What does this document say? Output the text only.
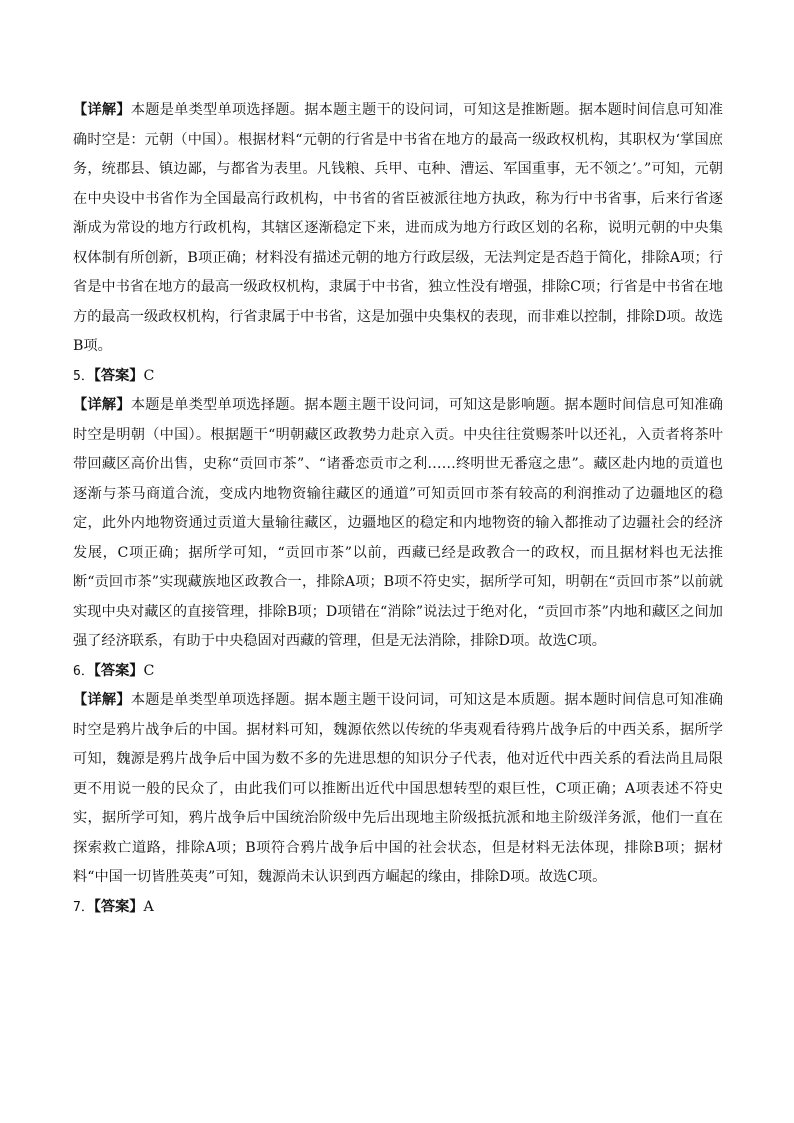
【详解】本题是单类型单项选择题。据本题主题干的设问词，可知这是推断题。据本题时间信息可知准确时空是：元朝（中国）。根据材料“元朝的行省是中书省在地方的最高一级政权机构，其职权为‘掌国庶务，统郡县、镇边鄙，与都省为表里。凡钱粮、兵甲、屯种、漕运、军国重事，无不领之’。”可知，元朝在中央设中书省作为全国最高行政机构，中书省的省臣被派往地方执政，称为行中书省事，后来行省逐渐成为常设的地方行政机构，其辖区逐渐稳定下来，进而成为地方行政区划的名称，说明元朝的中央集权体制有所创新，B项正确；材料没有描述元朝的地方行政层级，无法判定是否趋于简化，排除A项；行省是中书省在地方的最高一级政权机构，隶属于中书省，独立性没有增强，排除C项；行省是中书省在地方的最高一级政权机构，行省隶属于中书省，这是加强中央集权的表现，而非难以控制，排除D项。故选B项。

5．【答案】C

【详解】本题是单类型单项选择题。据本题主题干设问词，可知这是影响题。据本题时间信息可知准确时空是明朝（中国）。根据题干“明朝藏区政教势力赴京入贡。中央往往赏赐茶叶以还礼，入贡者将茶叶带回藏区高价出售，史称“贡回市茶”、“诸番恋贡市之利……终明世无番寇之患”。藏区赴内地的贡道也逐渐与茶马商道合流，变成内地物资输往藏区的通道”可知贡回市茶有较高的利润推动了边疆地区的稳定，此外内地物资通过贡道大量输往藏区，边疆地区的稳定和内地物资的输入都推动了边疆社会的经济发展，C项正确；据所学可知，“贡回市茶”以前，西藏已经是政教合一的政权，而且据材料也无法推断“贡回市茶”实现藏族地区政教合一，排除A项；B项不符史实，据所学可知，明朝在“贡回市茶”以前就实现中央对藏区的直接管理，排除B项；D项错在“消除”说法过于绝对化，“贡回市茶”内地和藏区之间加强了经济联系，有助于中央稳固对西藏的管理，但是无法消除，排除D项。故选C项。

6．【答案】C

【详解】本题是单类型单项选择题。据本题主题干设问词，可知这是本质题。据本题时间信息可知准确时空是鸦片战争后的中国。据材料可知，魏源依然以传统的华夷观看待鸦片战争后的中西关系，据所学可知，魏源是鸦片战争后中国为数不多的先进思想的知识分子代表，他对近代中西关系的看法尚且局限更不用说一般的民众了，由此我们可以推断出近代中国思想转型的艰巨性，C项正确；A项表述不符史实，据所学可知，鸦片战争后中国统治阶级中先后出现地主阶级抵抗派和地主阶级洋务派，他们一直在探索救亡道路，排除A项；B项符合鸦片战争后中国的社会状态，但是材料无法体现，排除B项；据材料“中国一切皆胜英夷”可知，魏源尚未认识到西方崛起的缘由，排除D项。故选C项。

7．【答案】A
